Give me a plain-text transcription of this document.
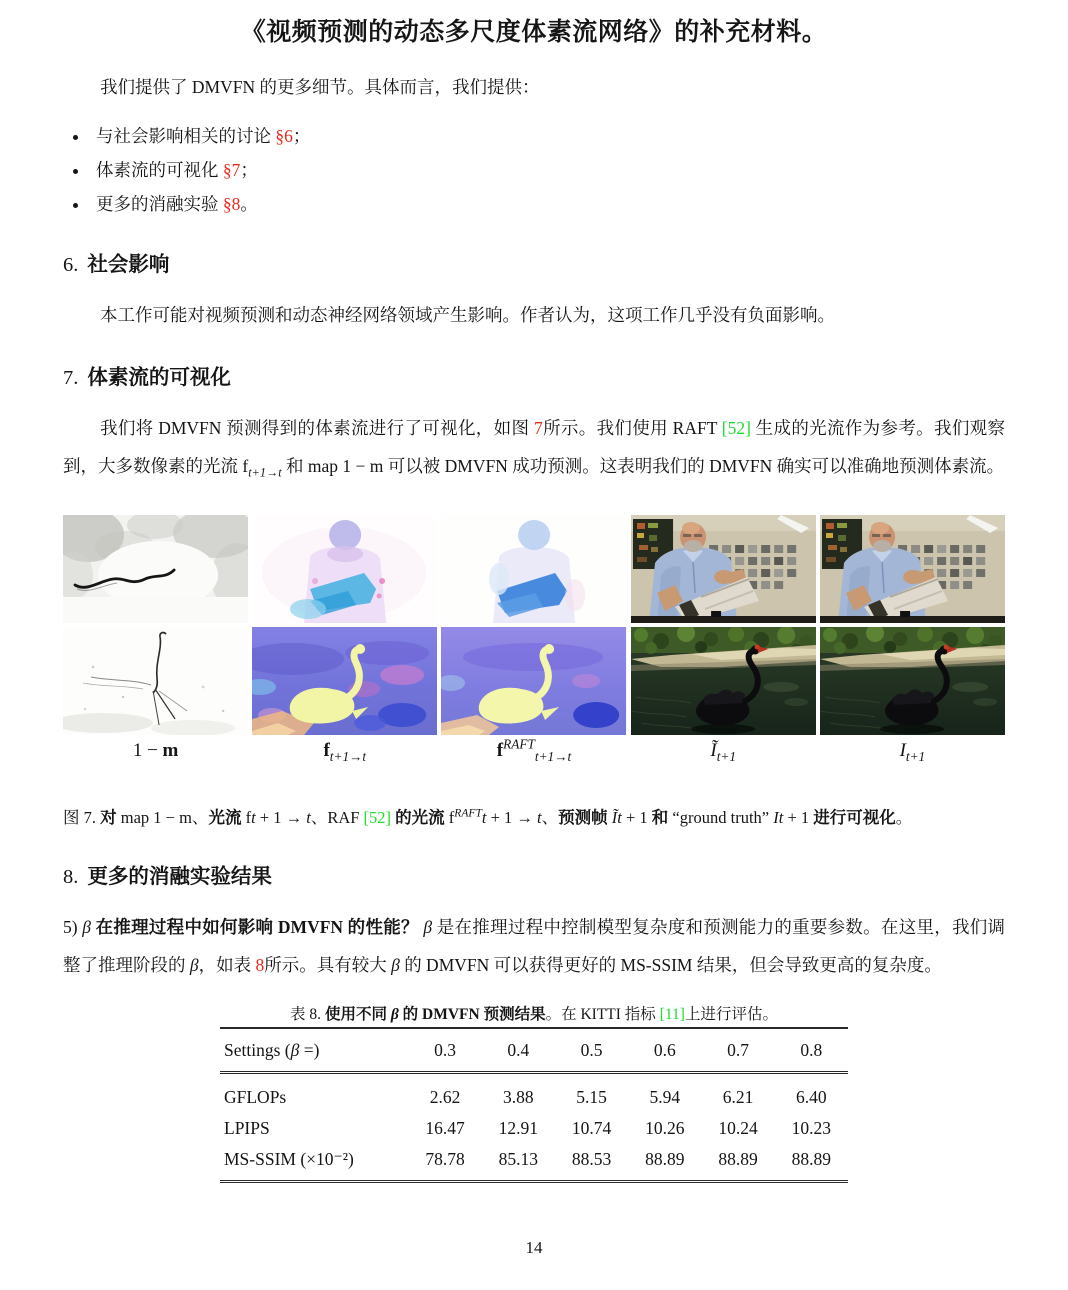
《视频预测的动态多尺度体素流网络》的补充材料。

我们提供了 DMVFN 的更多细节。具体而言，我们提供：

• 与社会影响相关的讨论 §6；
• 体素流的可视化 §7；
• 更多的消融实验 §8。
6. 社会影响

本工作可能对视频预测和动态神经网络领域产生影响。作者认为，这项工作几乎没有负面影响。

7. 体素流的可视化

我们将 DMVFN 预测得到的体素流进行了可视化，如图 7所示。我们使用 RAFT [52] 生成的光流作为参考。我们观察到，大多数像素的光流 $f_{t+1\to t}$ 和 map 1 − m 可以被 DMVFN 成功预测。这表明我们的 DMVFN 确实可以准确地预测体素流。

1 − m	$f_{t+1\to t}$	$f^{RAFT}_{t+1\to t}$	$Ĩ_{t+1}$	$I_{t+1}$

图 7. 对 map 1 − m、光流 ft + 1 → t、RAF [52] 的光流 $f^{RAFT}t + 1 \to t$、预测帧 Ĩt + 1 和 “ground truth” It + 1 进行可视化。

8. 更多的消融实验结果

5) β 在推理过程中如何影响 DMVFN 的性能？ β 是在推理过程中控制模型复杂度和预测能力的重要参数。在这里，我们调整了推理阶段的 β，如表 8所示。具有较大 β 的 DMVFN 可以获得更好的 MS-SSIM 结果，但会导致更高的复杂度。

表 8. 使用不同 β 的 DMVFN 预测结果。在 KITTI 指标 [11]上进行评估。
Settings (β =)	0.3	0.4	0.5	0.6	0.7	0.8
GFLOPs	2.62	3.88	5.15	5.94	6.21	6.40
LPIPS	16.47	12.91	10.74	10.26	10.24	10.23
MS-SSIM (×10⁻²)	78.78	85.13	88.53	88.89	88.89	88.89
14
